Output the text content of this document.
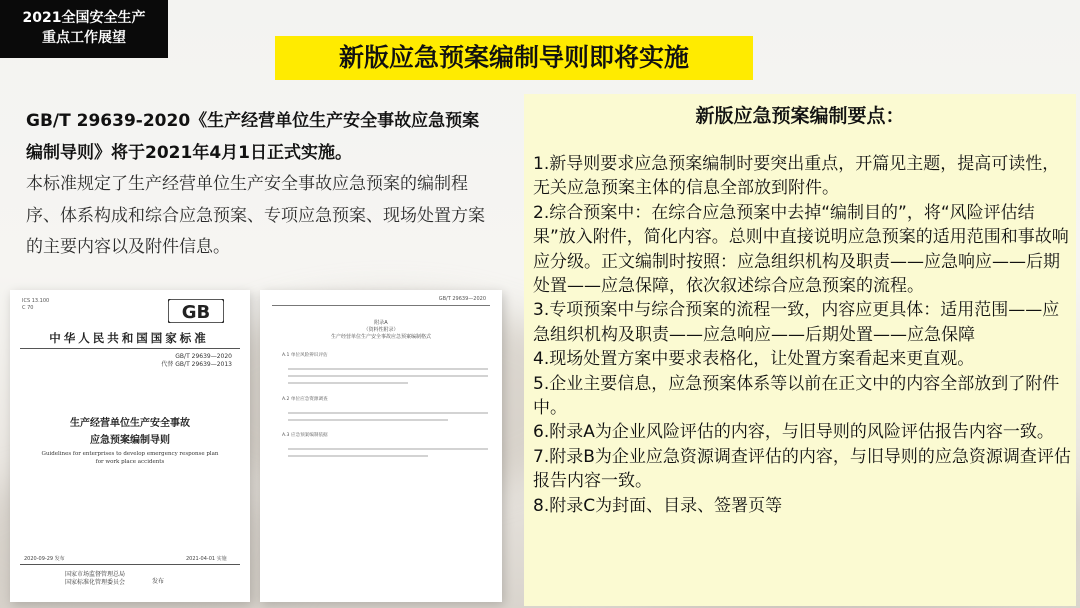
2021全国安全生产
重点工作展望
新版应急预案编制导则即将实施
GB/T 29639-2020《生产经营单位生产安全事故应急预案编制导则》将于2021年4月1日正式实施。
本标准规定了生产经营单位生产安全事故应急预案的编制程序、体系构成和综合应急预案、专项应急预案、现场处置方案的主要内容以及附件信息。
ICS 13.100
C 70	GB
中华人民共和国国家标准
GB/T 29639—2020
代替 GB/T 29639—2013
生产经营单位生产安全事故
应急预案编制导则
Guidelines for enterprises to develop emergency response plan for work place accidents
2020-09-29 发布	2021-04-01 实施
国家市场监督管理总局
国家标准化管理委员会	发布
GB/T 29639—2020
附录A
（资料性附录）
生产经营单位生产安全事故应急预案编制格式
A.1 单位风险辨识评估
A.2 单位应急资源调查
A.3 应急预案编制依据
新版应急预案编制要点：
1.新导则要求应急预案编制时要突出重点，开篇见主题，提高可读性，无关应急预案主体的信息全部放到附件。
2.综合预案中：在综合应急预案中去掉“编制目的”，将“风险评估结果”放入附件，简化内容。总则中直接说明应急预案的适用范围和事故响应分级。正文编制时按照：应急组织机构及职责——应急响应——后期处置——应急保障，依次叙述综合应急预案的流程。
3.专项预案中与综合预案的流程一致，内容应更具体：适用范围——应急组织机构及职责——应急响应——后期处置——应急保障
4.现场处置方案中要求表格化，让处置方案看起来更直观。
5.企业主要信息，应急预案体系等以前在正文中的内容全部放到了附件中。
6.附录A为企业风险评估的内容，与旧导则的风险评估报告内容一致。
7.附录B为企业应急资源调查评估的内容，与旧导则的应急资源调查评估报告内容一致。
8.附录C为封面、目录、签署页等
